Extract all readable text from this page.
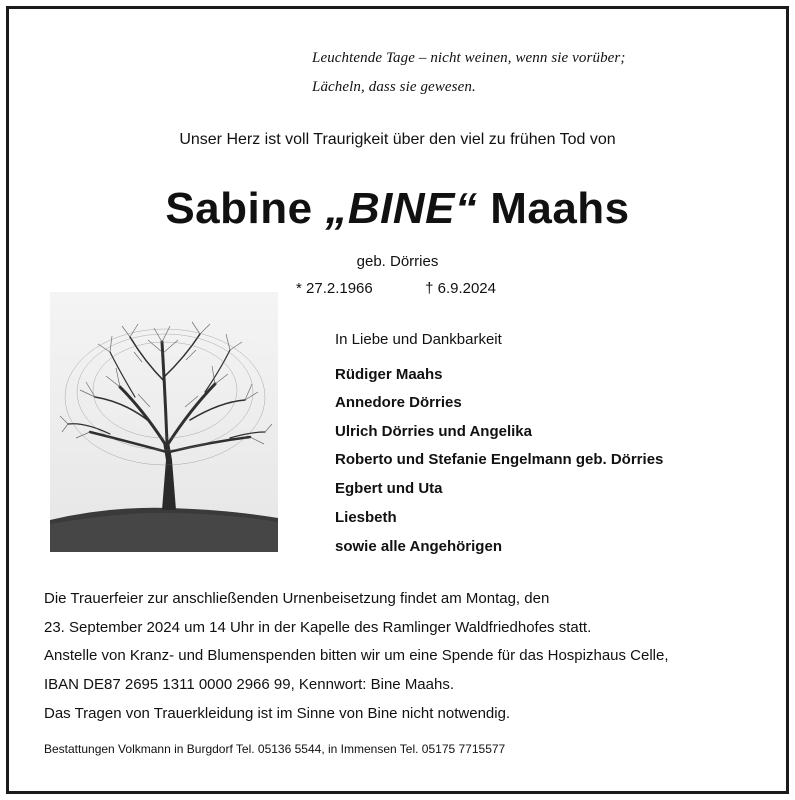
Leuchtende Tage – nicht weinen, wenn sie vorüber;
Lächeln, dass sie gewesen.
Unser Herz ist voll Traurigkeit über den viel zu frühen Tod von
Sabine „BINE“ Maahs
geb. Dörries
* 27.2.1966	† 6.9.2024
In Liebe und Dankbarkeit
Rüdiger Maahs
Annedore Dörries
Ulrich Dörries und Angelika
Roberto und Stefanie Engelmann geb. Dörries
Egbert und Uta
Liesbeth
sowie alle Angehörigen
Die Trauerfeier zur anschließenden Urnenbeisetzung findet am Montag, den
23. September 2024 um 14 Uhr in der Kapelle des Ramlinger Waldfriedhofes statt.
Anstelle von Kranz- und Blumenspenden bitten wir um eine Spende für das Hospizhaus Celle,
IBAN DE87 2695 1311 0000 2966 99, Kennwort: Bine Maahs.
Das Tragen von Trauerkleidung ist im Sinne von Bine nicht notwendig.
Bestattungen Volkmann in Burgdorf Tel. 05136 5544, in Immensen Tel. 05175 7715577
